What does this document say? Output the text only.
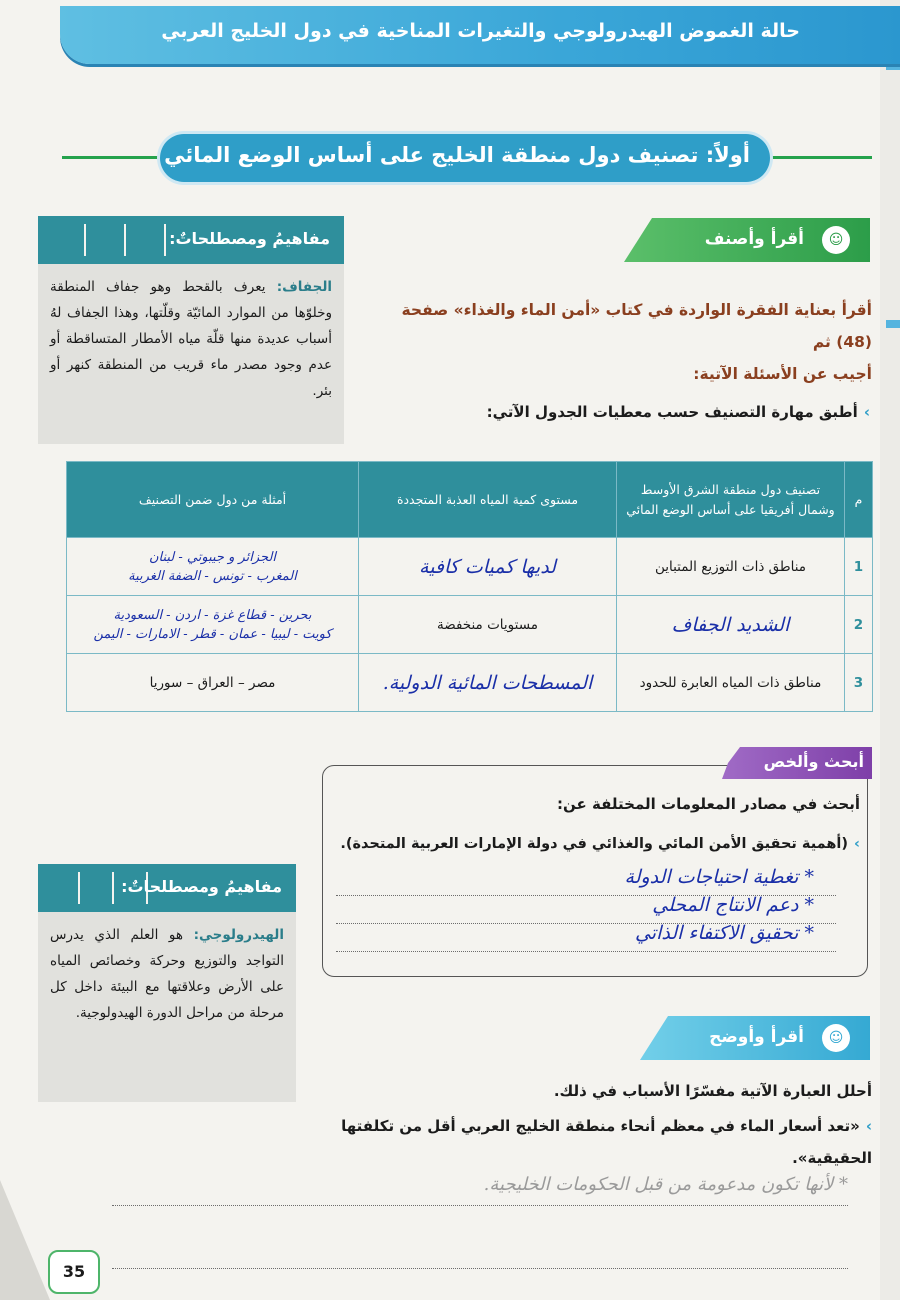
حالة الغموض الهيدرولوجي والتغيرات المناخية في دول الخليج العربي
أولاً: تصنيف دول منطقة الخليج على أساس الوضع المائي
☺
أقرأ وأصنف
مفاهيمُ ومصطلحاتٌ:
الجفاف: يعرف بالقحط وهو جفاف المنطقة وخلوّها من الموارد المائيّة وقلّتها، وهذا الجفاف لهُ أسباب عديدة منها قلّة مياه الأمطار المتساقطة أو عدم وجود مصدر ماء قريب من المنطقة كنهر أو بئر.
أقرأ بعناية الفقرة الواردة في كتاب «أمن الماء والغذاء» صفحة (48) ثم
أجيب عن الأسئلة الآتية:
›أطبق مهارة التصنيف حسب معطيات الجدول الآتي:
م	تصنيف دول منطقة الشرق الأوسط وشمال أفريقيا على أساس الوضع المائي	مستوى كمية المياه العذبة المتجددة	أمثلة من دول ضمن التصنيف
1	مناطق ذات التوزيع المتباين	لديها كميات كافية	الجزائر و جيبوتي - لبنان
المغرب - تونس - الضفة الغربية

2	الشديد الجفاف	مستويات منخفضة	بحرين - قطاع غزة - اردن - السعودية
كويت - ليبيا - عمان - قطر - الامارات - اليمن

3	مناطق ذات المياه العابرة للحدود	المسطحات المائية الدولية.	مصر – العراق – سوريا
أبحث وألخص
أبحث في مصادر المعلومات المختلفة عن:
›(أهمية تحقيق الأمن المائي والغذائي في دولة الإمارات العربية المتحدة).
* تغطية احتياجات الدولة
* دعم الانتاج المحلي
* تحقيق الاكتفاء الذاتي
مفاهيمُ ومصطلحاتٌ:
الهيدرولوجي: هو العلم الذي يدرس التواجد والتوزيع وحركة وخصائص المياه على الأرض وعلاقتها مع البيئة داخل كل مرحلة من مراحل الدورة الهيدولوجية.
☺
أقرأ وأوضح
أحلل العبارة الآتية مفسّرًا الأسباب في ذلك.
›«تعد أسعار الماء في معظم أنحاء منطقة الخليج العربي أقل من تكلفتها
الحقيقية».
* لأنها تكون مدعومة من قبل الحكومات الخليجية.
35
